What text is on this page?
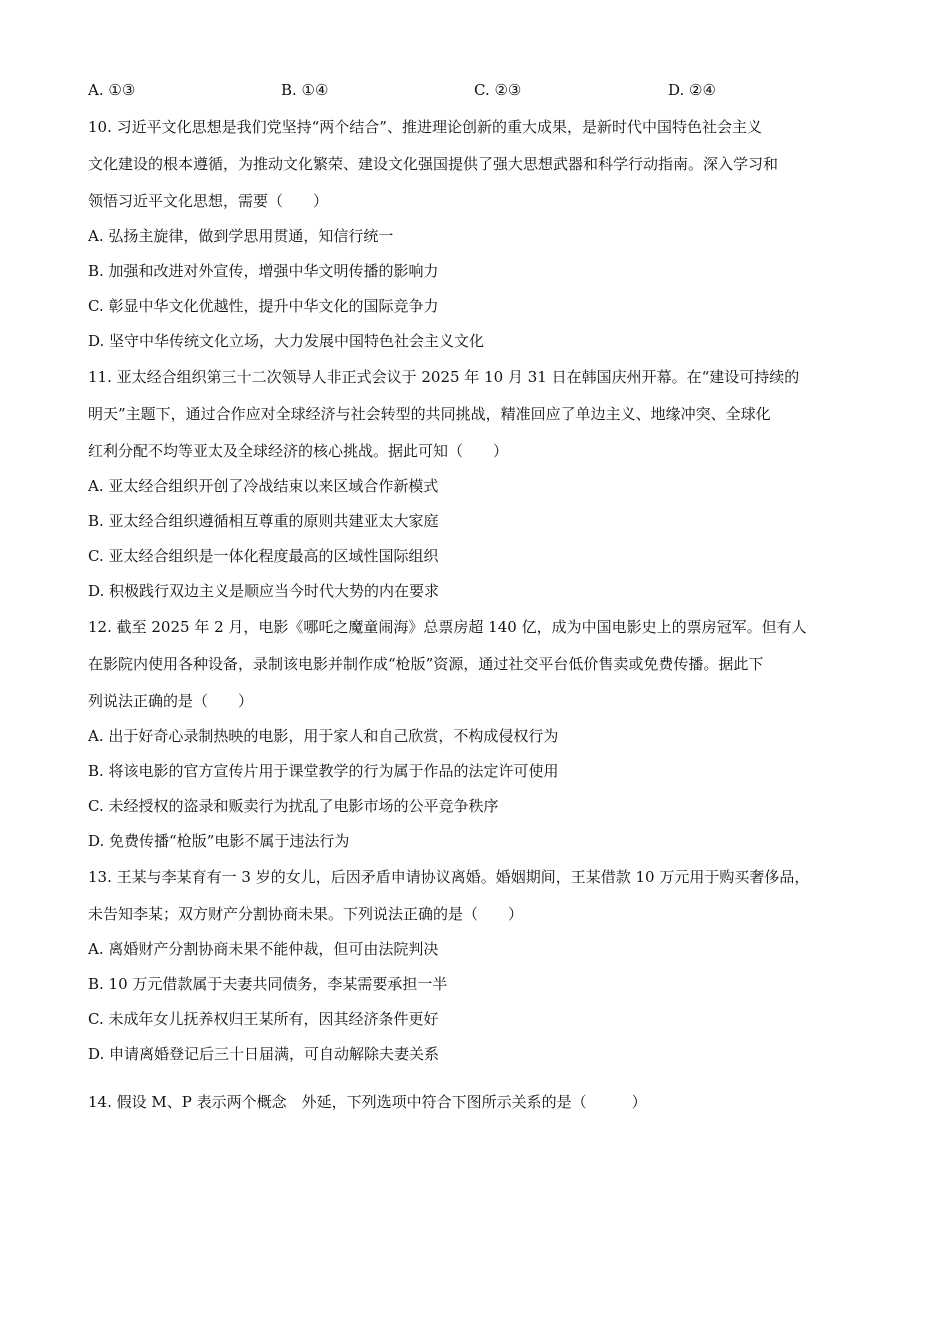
A. ①③	B. ①④	C. ②③	D. ②④
10. 习近平文化思想是我们党坚持“两个结合”、推进理论创新的重大成果，是新时代中国特色社会主义
文化建设的根本遵循，为推动文化繁荣、建设文化强国提供了强大思想武器和科学行动指南。深入学习和
领悟习近平文化思想，需要（　　）
A. 弘扬主旋律，做到学思用贯通，知信行统一
B. 加强和改进对外宣传，增强中华文明传播的影响力
C. 彰显中华文化优越性，提升中华文化的国际竞争力
D. 坚守中华传统文化立场，大力发展中国特色社会主义文化
11. 亚太经合组织第三十二次领导人非正式会议于 2025 年 10 月 31 日在韩国庆州开幕。在“建设可持续的
明天”主题下，通过合作应对全球经济与社会转型的共同挑战，精准回应了单边主义、地缘冲突、全球化
红利分配不均等亚太及全球经济的核心挑战。据此可知（　　）
A. 亚太经合组织开创了冷战结束以来区域合作新模式
B. 亚太经合组织遵循相互尊重的原则共建亚太大家庭
C. 亚太经合组织是一体化程度最高的区域性国际组织
D. 积极践行双边主义是顺应当今时代大势的内在要求
12. 截至 2025 年 2 月，电影《哪吒之魔童闹海》总票房超 140 亿，成为中国电影史上的票房冠军。但有人
在影院内使用各种设备，录制该电影并制作成“枪版”资源，通过社交平台低价售卖或免费传播。据此下
列说法正确的是（　　）
A. 出于好奇心录制热映的电影，用于家人和自己欣赏，不构成侵权行为
B. 将该电影的官方宣传片用于课堂教学的行为属于作品的法定许可使用
C. 未经授权的盗录和贩卖行为扰乱了电影市场的公平竞争秩序
D. 免费传播“枪版”电影不属于违法行为
13. 王某与李某育有一 3 岁的女儿，后因矛盾申请协议离婚。婚姻期间，王某借款 10 万元用于购买奢侈品，
未告知李某；双方财产分割协商未果。下列说法正确的是（　　）
A. 离婚财产分割协商未果不能仲裁，但可由法院判决
B. 10 万元借款属于夫妻共同债务，李某需要承担一半
C. 未成年女儿抚养权归王某所有，因其经济条件更好
D. 申请离婚登记后三十日届满，可自动解除夫妻关系
14. 假设 M、P 表示两个概念　外延，下列选项中符合下图所示关系的是（　　　）
